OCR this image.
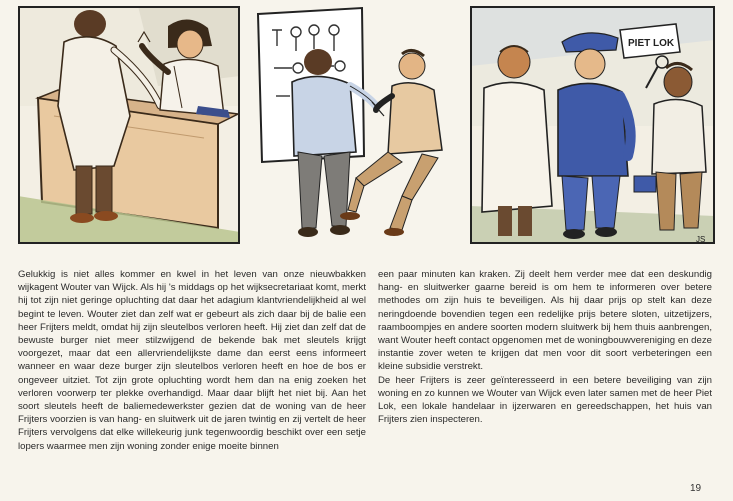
PIET LOK
JS

Gelukkig is niet alles kommer en kwel in het leven van onze nieuwbakken wijkagent Wouter van Wijck. Als hij 's middags op het wijksecretariaat komt, merkt hij tot zijn niet geringe opluchting dat daar het adagium klantvriendelijkheid al wel begint te leven. Wouter ziet dan zelf wat er gebeurt als zich daar bij de balie een heer Frijters meldt, omdat hij zijn sleutelbos verloren heeft. Hij ziet dan zelf dat de bewuste burger niet meer stilzwijgend de bekende bak met sleutels krijgt voorgezet, maar dat een allervriendelijkste dame dan eerst eens informeert wanneer en waar deze burger zijn sleutelbos verloren heeft en hoe de bos er ongeveer uitziet. Tot zijn grote opluchting wordt hem dan na enig zoeken het verloren voorwerp ter plekke overhandigd. Maar daar blijft het niet bij. Aan het soort sleutels heeft de baliemedewerkster gezien dat de woning van de heer Frijters voorzien is van hang- en sluitwerk uit de jaren twintig en zij vertelt de heer Frijters vervolgens dat elke willekeurig junk tegenwoordig beschikt over een setje lopers waarmee men zijn woning zonder enige moeite binnen

een paar minuten kan kraken. Zij deelt hem verder mee dat een deskundig hang- en sluitwerker gaarne bereid is om hem te informeren over betere methodes om zijn huis te beveiligen. Als hij daar prijs op stelt kan deze neringdoende bovendien tegen een redelijke prijs betere sloten, uitzetijzers, raamboompjes en andere soorten modern sluitwerk bij hem thuis aanbrengen, want Wouter heeft contact opgenomen met de woningbouwvereniging en deze instantie zover weten te krijgen dat men voor dit soort verbeteringen een kleine subsidie verstrekt.

De heer Frijters is zeer geïnteresseerd in een betere beveiliging van zijn woning en zo kunnen we Wouter van Wijck even later samen met de heer Piet Lok, een lokale handelaar in ijzerwaren en gereedschappen, het huis van Frijters zien inspecteren.

19
